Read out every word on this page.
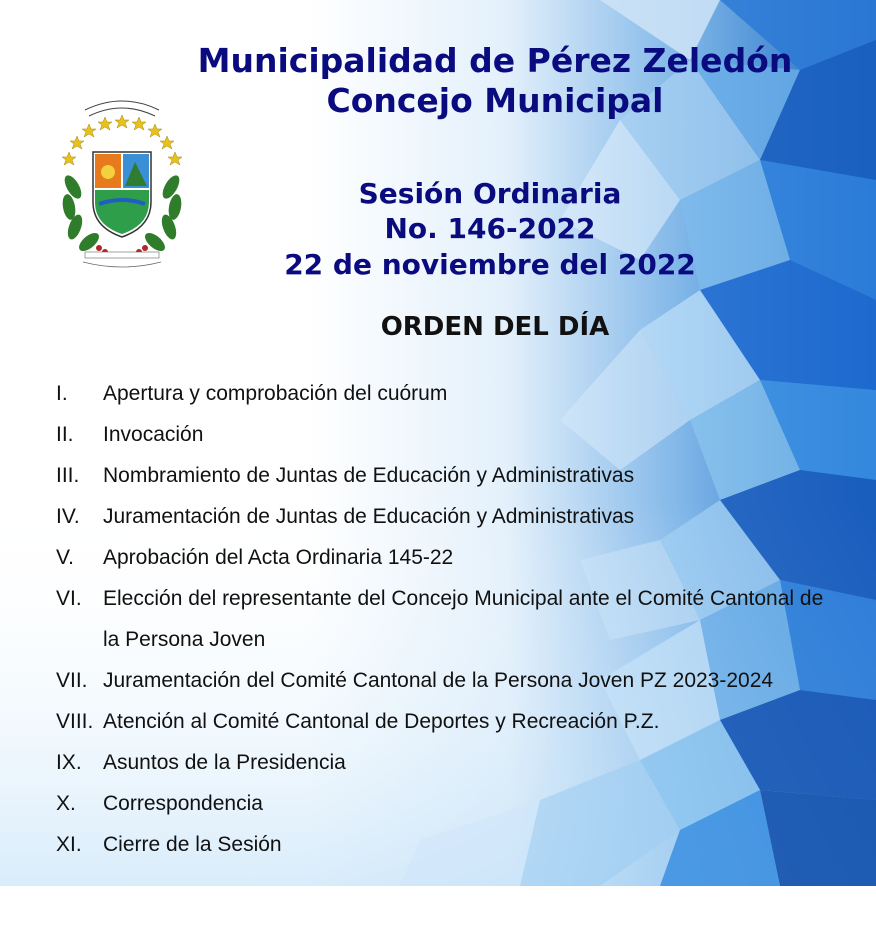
Municipalidad de Pérez Zeledón
Concejo Municipal
Sesión Ordinaria
No. 146-2022
22 de noviembre del 2022
ORDEN DEL DÍA
I.	Apertura y comprobación del cuórum
II.	Invocación
III.	Nombramiento de Juntas de Educación y Administrativas
IV.	Juramentación de Juntas de Educación y Administrativas
V.	Aprobación del Acta Ordinaria 145-22
VI.	Elección del representante del Concejo Municipal ante el Comité Cantonal de la Persona Joven
VII. Juramentación del Comité Cantonal de la Persona Joven PZ 2023-2024
VIII. Atención al Comité Cantonal de Deportes y Recreación P.Z.
IX.	Asuntos de la Presidencia
X.	Correspondencia
XI.	Cierre de la Sesión
